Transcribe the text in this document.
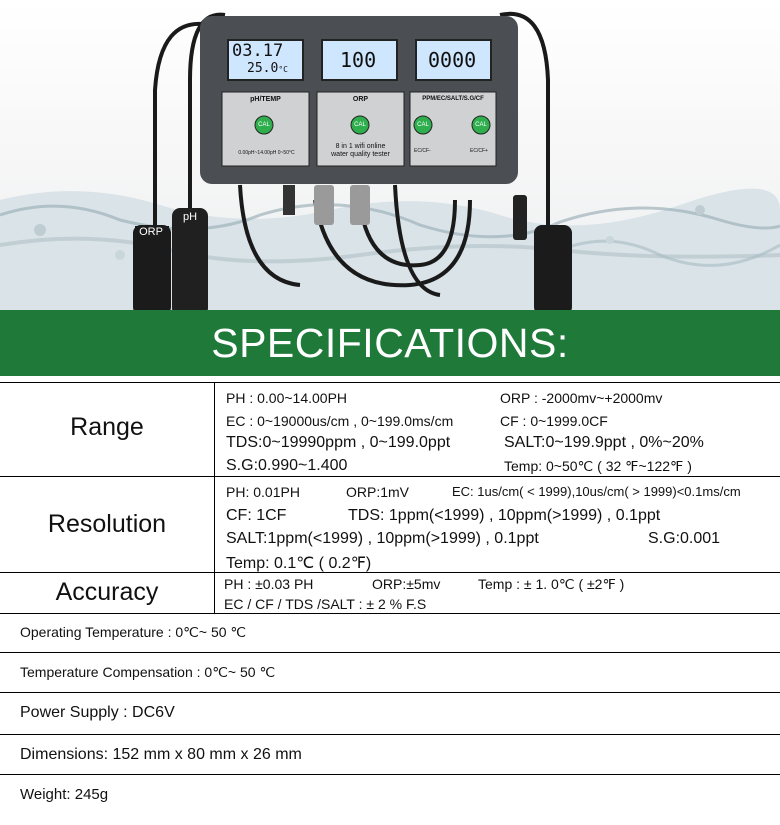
03.17
25.0°C	100	0000
pH/TEMP
CAL
0.00pH~14.00pH 0~50°C
ORP
CAL
8 in 1 wifi online
water quality tester
PPM/EC/SALT/S.G/CF
CAL	CAL
EC/CF-	EC/CF+
ORP
pH
SPECIFICATIONS:
Range
PH : 0.00~14.00PH	ORP : -2000mv~+2000mv
EC : 0~19000us/cm , 0~199.0ms/cm	CF : 0~1999.0CF
TDS:0~19990ppm , 0~199.0ppt	SALT:0~199.9ppt , 0%~20%
S.G:0.990~1.400	Temp: 0~50℃ ( 32 ℉~122℉ )
Resolution
PH: 0.01PH	ORP:1mV	EC: 1us/cm( < 1999),10us/cm( > 1999)<0.1ms/cm
CF: 1CF	TDS: 1ppm(<1999) , 10ppm(>1999) , 0.1ppt
SALT:1ppm(<1999) , 10ppm(>1999) , 0.1ppt	S.G:0.001
Temp: 0.1℃ ( 0.2℉)
Accuracy	PH : ±0.03 PH	ORP:±5mv	Temp : ± 1. 0℃ ( ±2℉ )
EC / CF / TDS /SALT : ± 2 % F.S
Operating Temperature : 0℃~ 50 ℃
Temperature Compensation : 0℃~ 50 ℃
Power Supply : DC6V
Dimensions: 152 mm x 80 mm x 26 mm
Weight: 245g
